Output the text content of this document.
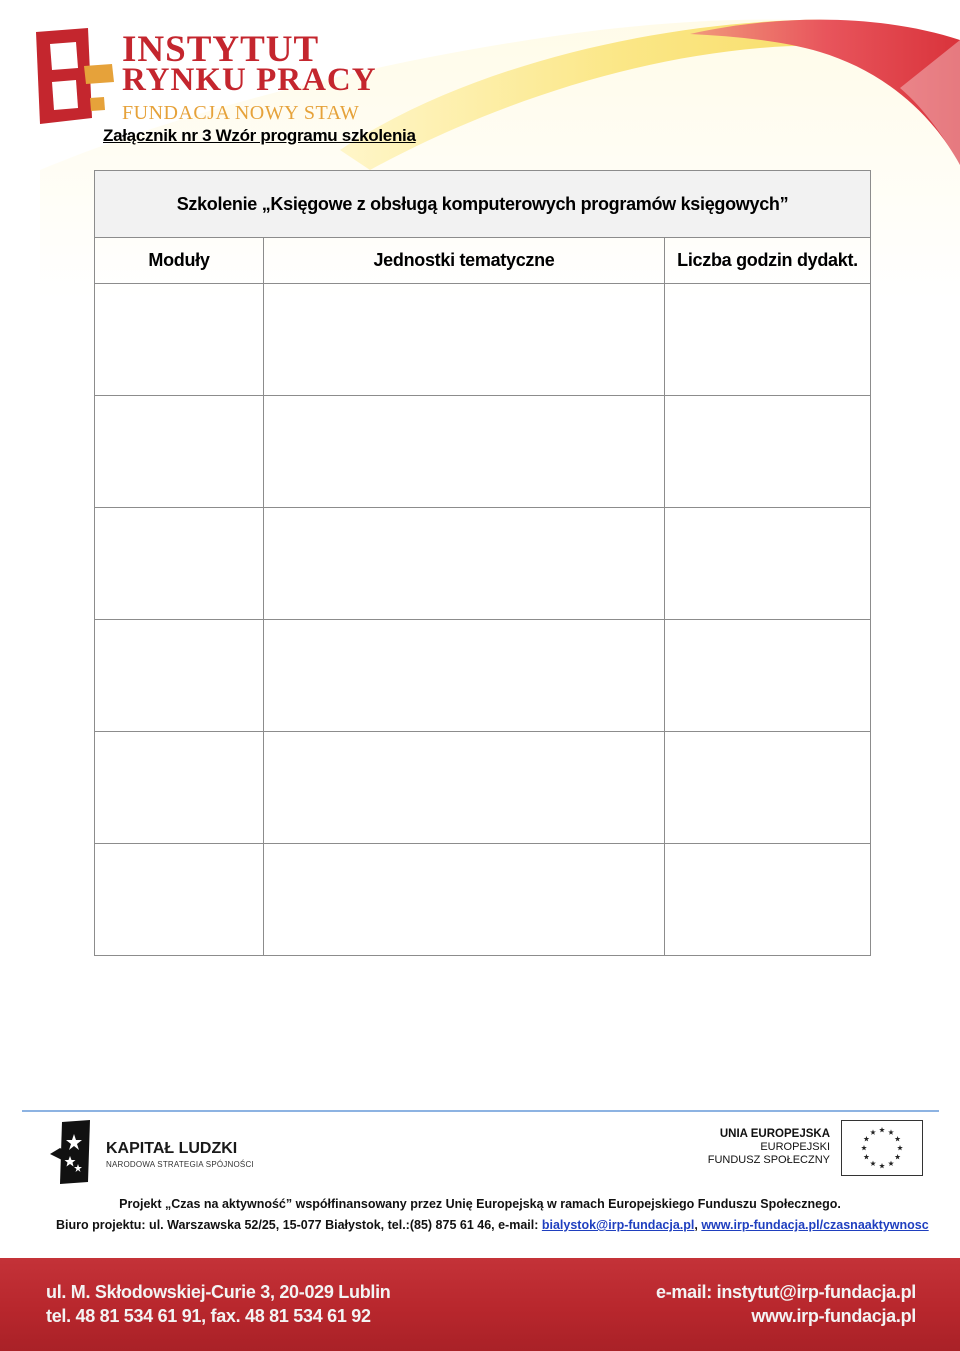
INSTYTUT
RYNKU PRACY
FUNDACJA NOWY STAW
Załącznik nr 3 Wzór programu szkolenia
Szkolenie „Księgowe z obsługą komputerowych programów księgowych”		
Moduły	Jednostki tematyczne	Liczba godzin dydakt.

KAPITAŁ LUDZKI
NARODOWA STRATEGIA SPÓJNOŚCI
UNIA EUROPEJSKA
EUROPEJSKI
FUNDUSZ SPOŁECZNY
Projekt „Czas na aktywność” współfinansowany przez Unię Europejską w ramach Europejskiego Funduszu Społecznego.
Biuro projektu: ul. Warszawska 52/25, 15-077 Białystok, tel.:(85) 875 61 46, e-mail: bialystok@irp-fundacja.pl, www.irp-fundacja.pl/czasnaaktywnosc
ul. M. Skłodowskiej-Curie 3, 20-029 Lublin
tel. 48 81 534 61 91, fax. 48 81 534 61 92
e-mail: instytut@irp-fundacja.pl
www.irp-fundacja.pl
